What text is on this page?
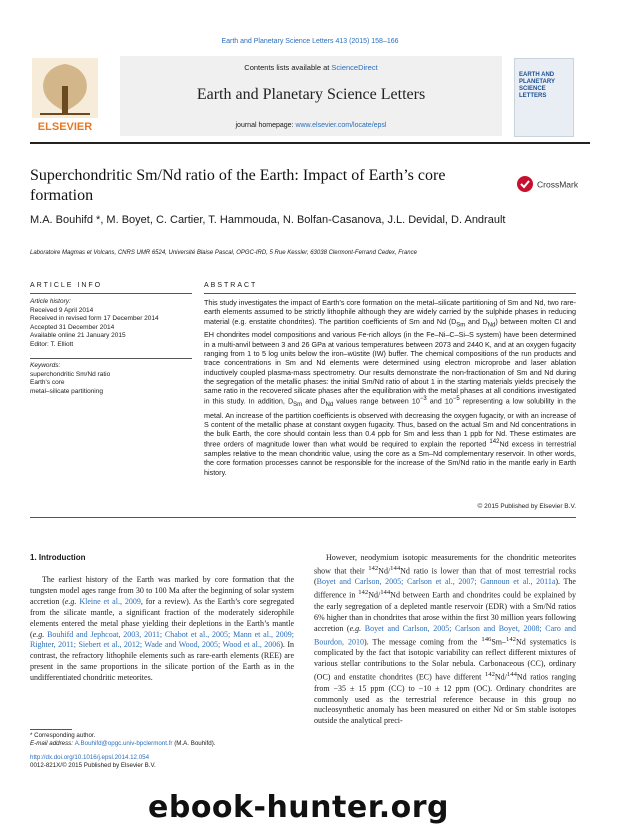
Earth and Planetary Science Letters 413 (2015) 158–166
ELSEVIER
Contents lists available at ScienceDirect
Earth and Planetary Science Letters
journal homepage: www.elsevier.com/locate/epsl
EARTH AND PLANETARY SCIENCE LETTERS
Superchondritic Sm/Nd ratio of the Earth: Impact of Earth’s core formation
CrossMark
M.A. Bouhifd *, M. Boyet, C. Cartier, T. Hammouda, N. Bolfan-Casanova, J.L. Devidal, D. Andrault
Laboratoire Magmas et Volcans, CNRS UMR 6524, Université Blaise Pascal, OPGC-IRD, 5 Rue Kessler, 63038 Clermont-Ferrand Cedex, France
ARTICLE INFO
Article history:
Received 9 April 2014
Received in revised form 17 December 2014
Accepted 31 December 2014
Available online 21 January 2015
Editor: T. Elliott
Keywords:
superchondritic Sm/Nd ratio
Earth's core
metal–silicate partitioning
ABSTRACT
This study investigates the impact of Earth’s core formation on the metal–silicate partitioning of Sm and Nd, two rare-earth elements assumed to be strictly lithophile although they are widely carried by the sulphide phases in reducing material (e.g. enstatite chondrites). The partition coefficients of Sm and Nd ($D_{Sm}$ and $D_{Nd}$) between molten CI and EH chondrites model compositions and various Fe-rich alloys (in the Fe–Ni–C–Si–S system) have been determined in a multi-anvil between 3 and 26 GPa at various temperatures between 2073 and 2440 K, and at an oxygen fugacity ranging from 1 to 5 log units below the iron–wüstite (IW) buffer. The chemical compositions of the run products and trace concentrations in Sm and Nd elements were determined using electron microprobe and laser ablation inductively coupled plasma-mass spectrometry. Our results demonstrate the non-fractionation of Sm and Nd during the segregation of the metallic phases: the initial Sm/Nd ratio of about 1 in the starting materials yields precisely the same ratio in the recovered silicate phases after the equilibration with the metal phases at all conditions investigated in this study. In addition, $D_{Sm}$ and $D_{Nd}$ values range between $10^{-3}$ and $10^{-5}$ representing a low solubility in the metal. An increase of the partition coefficients is observed with decreasing the oxygen fugacity, or with an increase of S content of the metallic phase at constant oxygen fugacity. Thus, based on the actual Sm and Nd concentrations in the bulk Earth, the core should contain less than 0.4 ppb for Sm and less than 1 ppb for Nd. These estimates are three orders of magnitude lower than what would be required to explain the reported $^{142}$Nd excess in terrestrial samples relative to the mean chondritic value, using the core as a Sm–Nd complementary reservoir. In other words, the core formation processes cannot be responsible for the increase of the Sm/Nd ratio in the mantle early in Earth history.
© 2015 Published by Elsevier B.V.
1. Introduction
The earliest history of the Earth was marked by core formation that the tungsten model ages range from 30 to 100 Ma after the beginning of solar system accretion (e.g. Kleine et al., 2009, for a review). As the Earth’s core segregated from the silicate mantle, a significant fraction of the moderately siderophile elements entered the metal phase yielding their depletions in the Earth’s mantle (e.g. Bouhifd and Jephcoat, 2003, 2011; Chabot et al., 2005; Mann et al., 2009; Righter, 2011; Siebert et al., 2012; Wade and Wood, 2005; Wood et al., 2006). In contrast, the refractory lithophile elements such as rare-earth elements (REE) are present in the same proportions in the silicate portion of the Earth as in the undifferentiated chondritic meteorites.
* Corresponding author.
E-mail address: A.Bouhifd@opgc.univ-bpclermont.fr (M.A. Bouhifd).
http://dx.doi.org/10.1016/j.epsl.2014.12.054
0012-821X/© 2015 Published by Elsevier B.V.
However, neodymium isotopic measurements for the chondritic meteorites show that their $^{142}$Nd/$^{144}$Nd ratio is lower than that of most terrestrial rocks (Boyet and Carlson, 2005; Carlson et al., 2007; Gannoun et al., 2011a). The difference in $^{142}$Nd/$^{144}$Nd between Earth and chondrites could be explained by the early segregation of a depleted mantle reservoir (EDR) with a Sm/Nd ratios 6% higher than in chondrites that arose within the first 30 million years following accretion (e.g. Boyet and Carlson, 2005; Carlson and Boyet, 2008; Caro and Bourdon, 2010). The message coming from the $^{146}$Sm–$^{142}$Nd systematics is complicated by the fact that isotopic variability can reflect different mixtures of various stellar contributions to the Solar nebula. Carbonaceous (CC), ordinary (OC) and enstatite chondrites (EC) have different $^{142}$Nd/$^{144}$Nd ratios ranging from −35 ± 15 ppm (CC) to −10 ± 12 ppm (OC). Ordinary chondrites are commonly used as the terrestrial reference because in this group no nucleosynthetic anomaly has been measured on either Nd or Sm stable isotopes outside the analytical preci-
ebook-hunter.org
